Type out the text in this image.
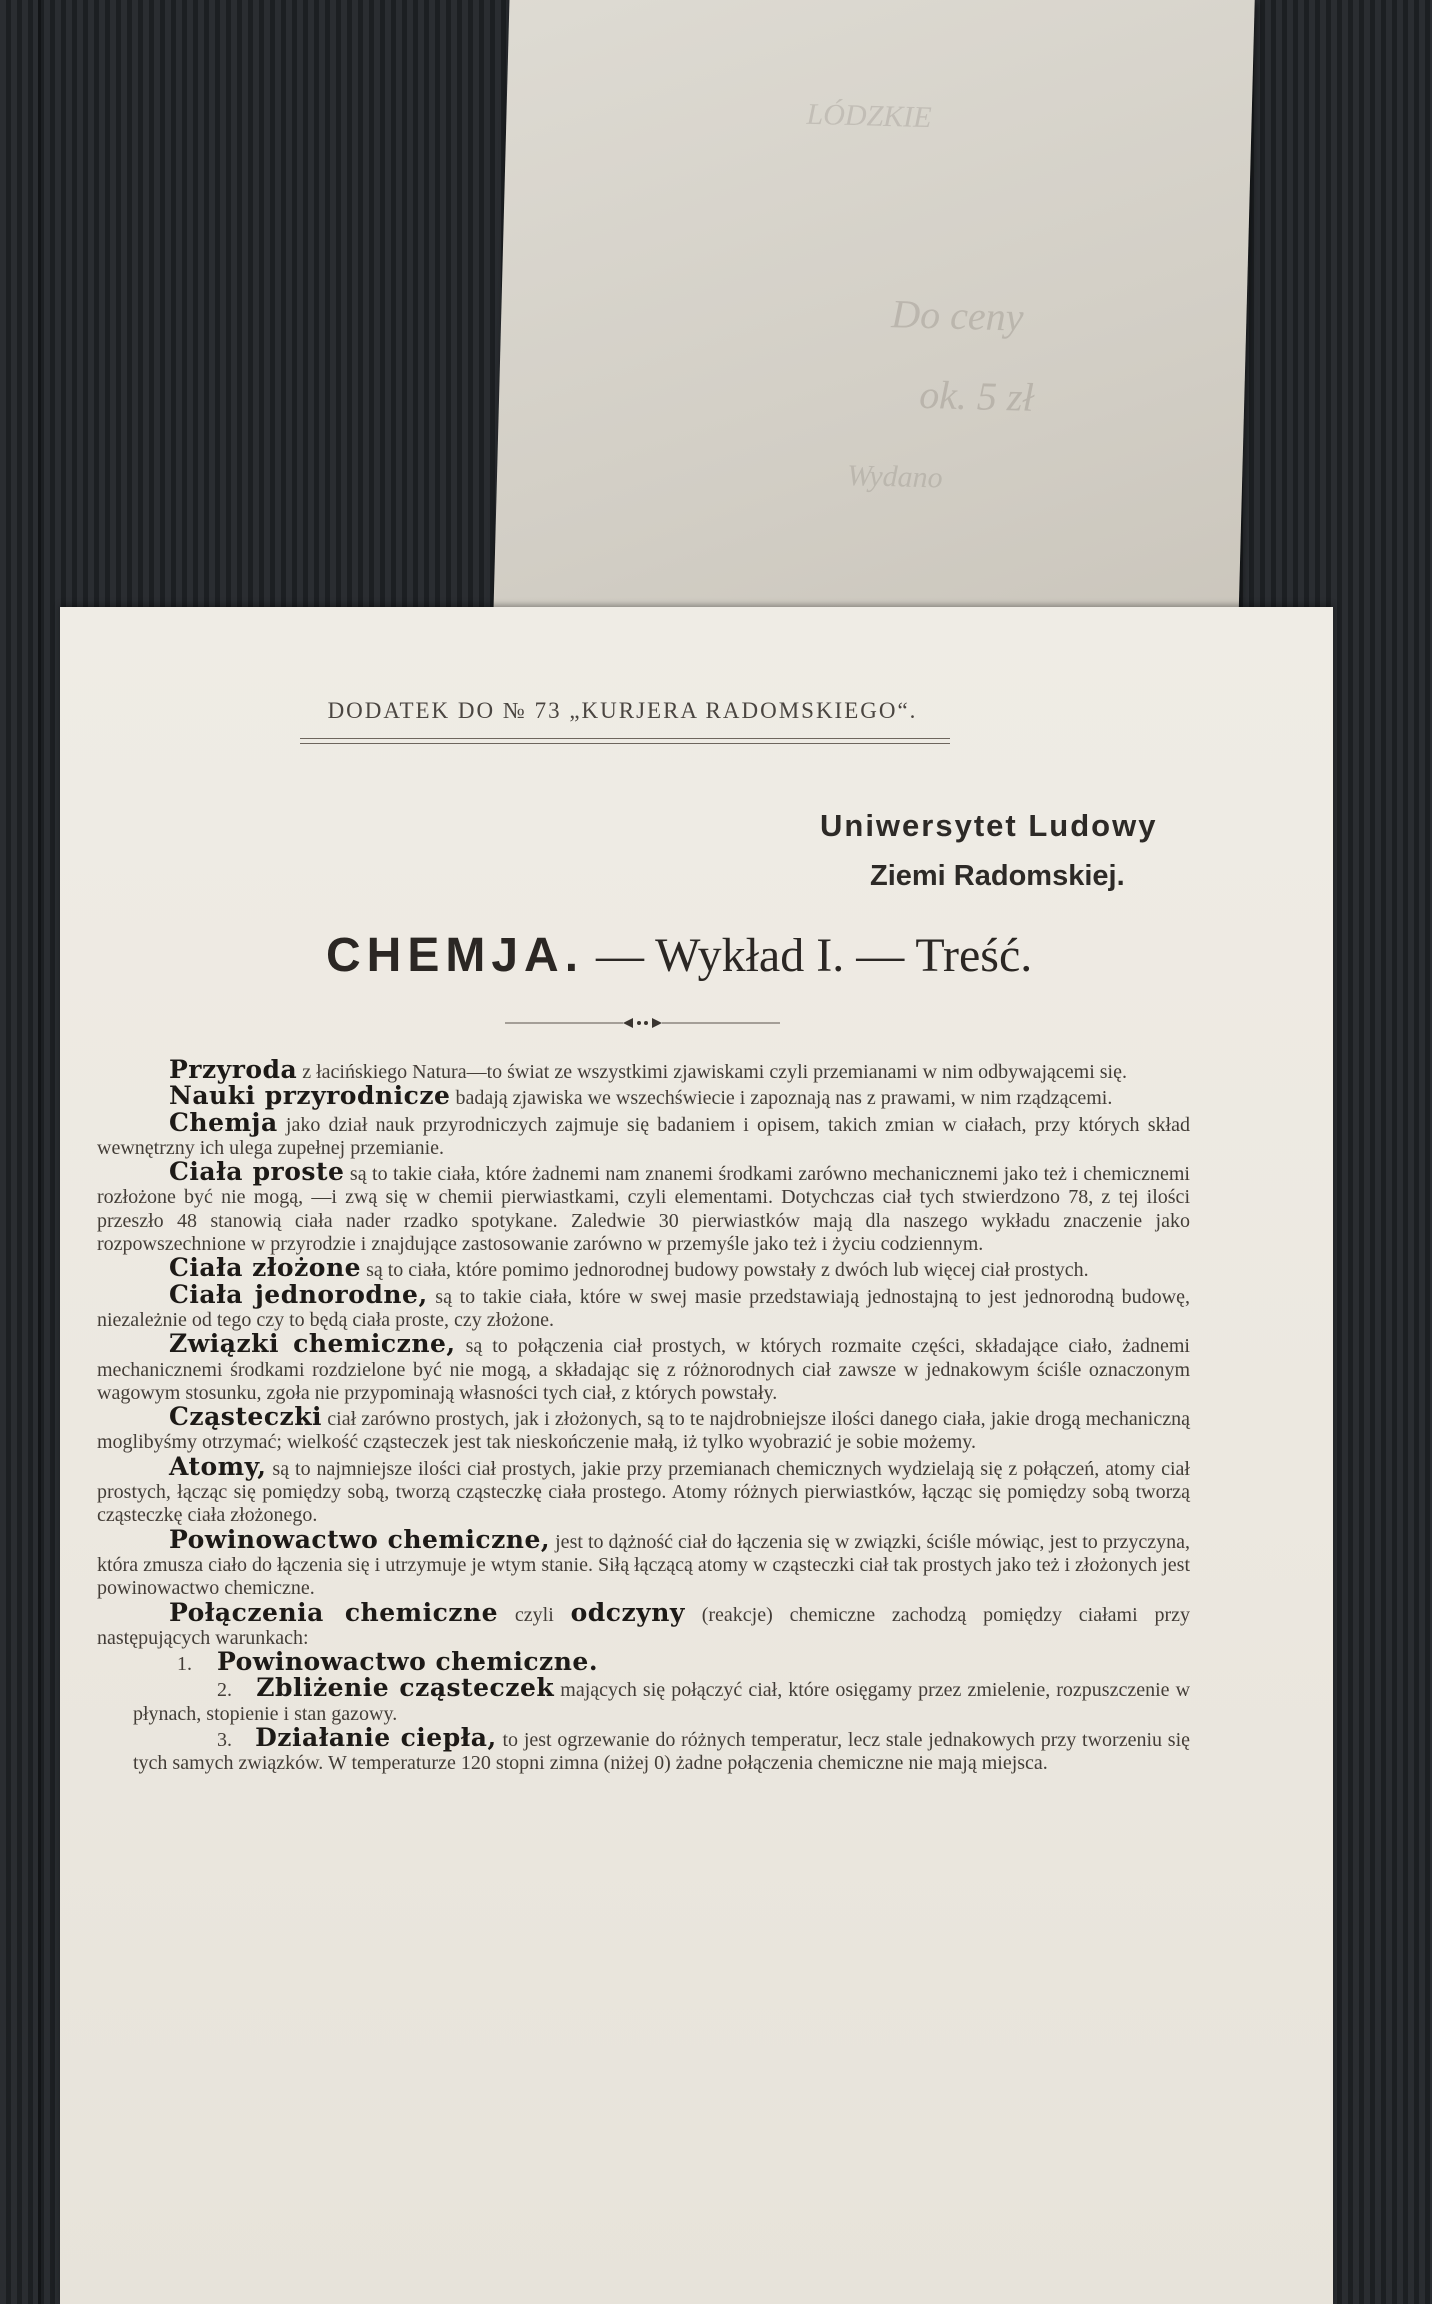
LÓDZKIE
Do ceny
ok. 5 zł
Wydano
DODATEK DO № 73 „KURJERA RADOMSKIEGO“.
Uniwersytet Ludowy
Ziemi Radomskiej.
CHEMJA. — Wykład I. — Treść.

Przyroda z łacińskiego Natura—to świat ze wszystkimi zjawiskami czyli przemianami w nim odbywającemi się.

Nauki przyrodnicze badają zjawiska we wszechświecie i zapoznają nas z prawami, w nim rządzącemi.

Chemja jako dział nauk przyrodniczych zajmuje się badaniem i opisem, takich zmian w ciałach, przy których skład wewnętrzny ich ulega zupełnej przemianie.

Ciała proste są to takie ciała, które żadnemi nam znanemi środkami zarówno mechanicznemi jako też i chemicznemi rozłożone być nie mogą, —i zwą się w chemii pierwiastkami, czyli elementami. Dotychczas ciał tych stwierdzono 78, z tej ilości przeszło 48 stanowią ciała nader rzadko spotykane. Zaledwie 30 pierwiastków mają dla naszego wykładu znaczenie jako rozpowszechnione w przyrodzie i znajdujące zastosowanie zarówno w przemyśle jako też i życiu codziennym.

Ciała złożone są to ciała, które pomimo jednorodnej budowy powstały z dwóch lub więcej ciał prostych.

Ciała jednorodne, są to takie ciała, które w swej masie przedstawiają jednostajną to jest jednorodną budowę, niezależnie od tego czy to będą ciała proste, czy złożone.

Związki chemiczne, są to połączenia ciał prostych, w których rozmaite części, składające ciało, żadnemi mechanicznemi środkami rozdzielone być nie mogą, a składając się z różnorodnych ciał zawsze w jednakowym ściśle oznaczonym wagowym stosunku, zgoła nie przypominają własności tych ciał, z których powstały.

Cząsteczki ciał zarówno prostych, jak i złożonych, są to te najdrobniejsze ilości danego ciała, jakie drogą mechaniczną moglibyśmy otrzymać; wielkość cząsteczek jest tak nieskończenie małą, iż tylko wyobrazić je sobie możemy.

Atomy, są to najmniejsze ilości ciał prostych, jakie przy przemianach chemicznych wydzielają się z połączeń, atomy ciał prostych, łącząc się pomiędzy sobą, tworzą cząsteczkę ciała prostego. Atomy różnych pierwiastków, łącząc się pomiędzy sobą tworzą cząsteczkę ciała złożonego.

Powinowactwo chemiczne, jest to dążność ciał do łączenia się w związki, ściśle mówiąc, jest to przyczyna, która zmusza ciało do łączenia się i utrzymuje je wtym stanie. Siłą łączącą atomy w cząsteczki ciał tak prostych jako też i złożonych jest powinowactwo chemiczne.

Połączenia chemiczne czyli odczyny (reakcje) chemiczne zachodzą pomiędzy ciałami przy następujących warunkach:

1. Powinowactwo chemiczne.
2. Zbliżenie cząsteczek mających się połączyć ciał, które osięgamy przez zmielenie, rozpuszczenie w płynach, stopienie i stan gazowy.
3. Działanie ciepła, to jest ogrzewanie do różnych temperatur, lecz stale jednakowych przy tworzeniu się tych samych związków. W temperaturze 120 stopni zimna (niżej 0) żadne połączenia chemiczne nie mają miejsca.
